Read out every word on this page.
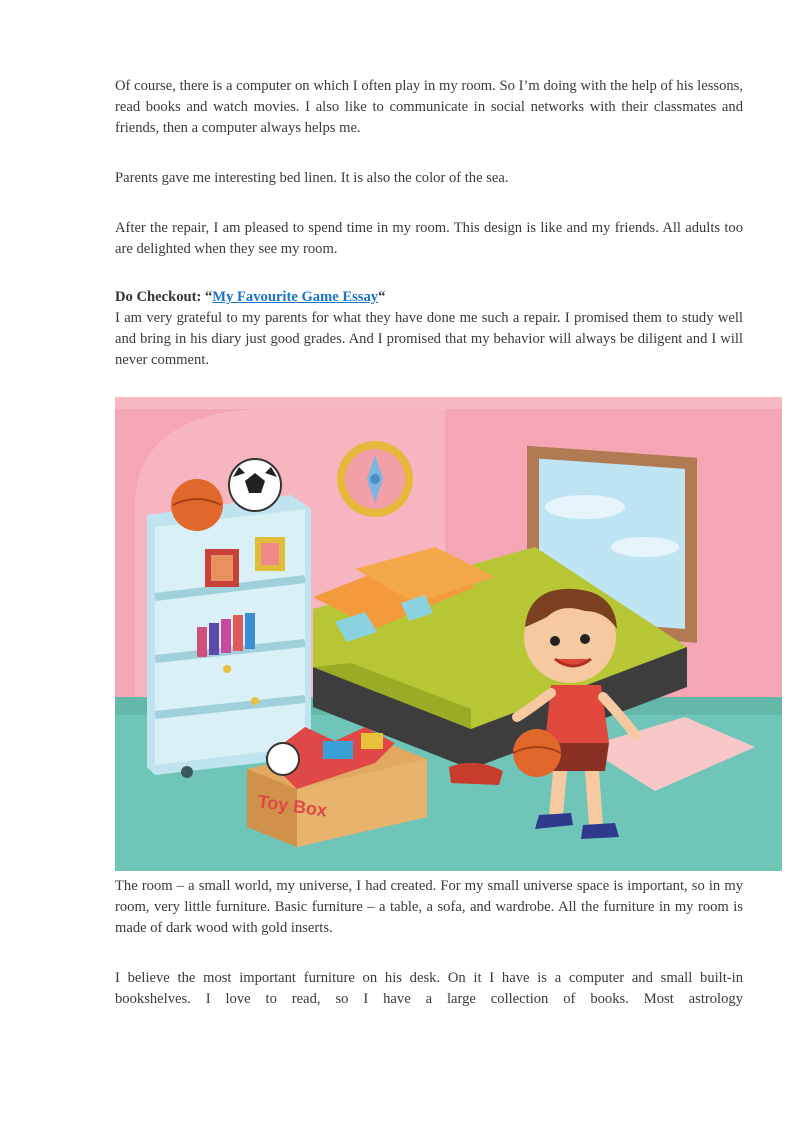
Of course, there is a computer on which I often play in my room. So I’m doing with the help of his lessons, read books and watch movies. I also like to communicate in social networks with their classmates and friends, then a computer always helps me.

Parents gave me interesting bed linen. It is also the color of the sea.

After the repair, I am pleased to spend time in my room. This design is like and my friends. All adults too are delighted when they see my room.

Do Checkout: “My Favourite Game Essay“

I am very grateful to my parents for what they have done me such a repair. I promised them to study well and bring in his diary just good grades. And I promised that my behavior will always be diligent and I will never comment.

Toy Box

The room – a small world, my universe, I had created. For my small universe space is important, so in my room, very little furniture. Basic furniture – a table, a sofa, and wardrobe. All the furniture in my room is made of dark wood with gold inserts.

I believe the most important furniture on his desk. On it I have is a computer and small built-in bookshelves. I love to read, so I have a large collection of books. Most astrology
